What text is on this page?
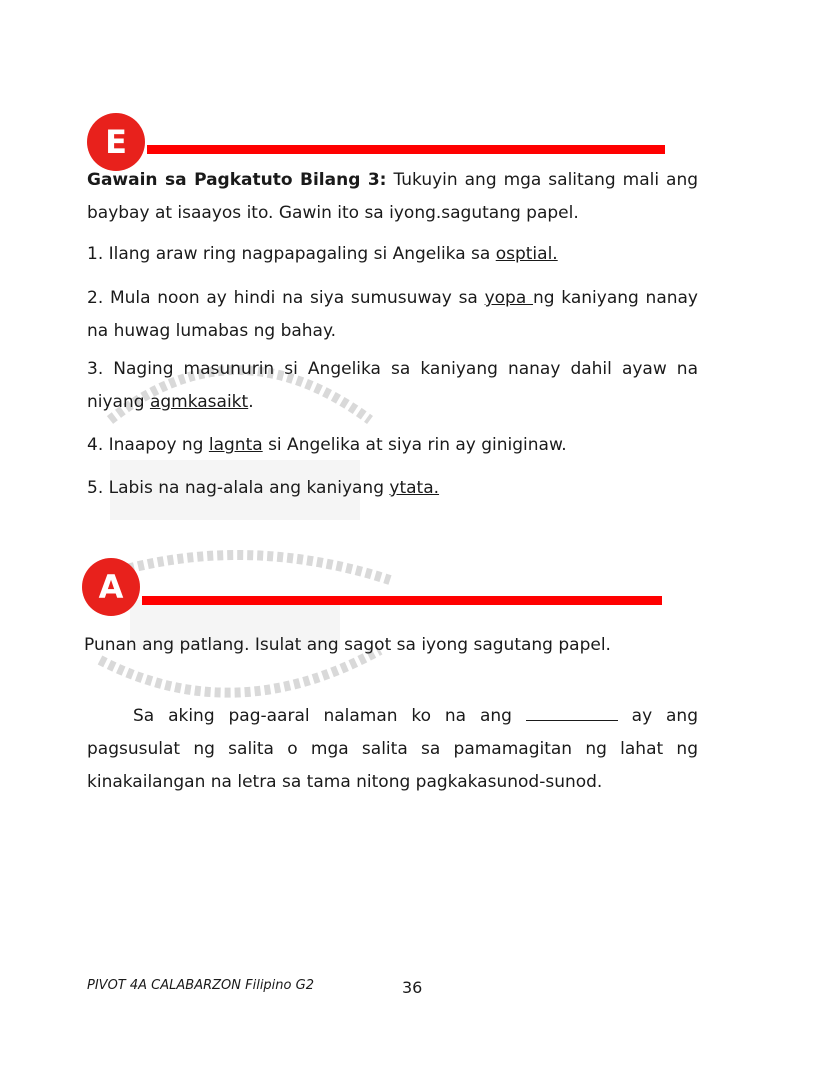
E

Gawain sa Pagkatuto Bilang 3: Tukuyin ang mga salitang mali ang baybay at isaayos ito. Gawin ito sa iyong.sagutang papel.

1. Ilang araw ring nagpapagaling si Angelika sa osptial.

2. Mula noon ay hindi na siya sumusuway sa yopa ng kaniyang nanay na huwag lumabas ng bahay.

3. Naging masunurin si Angelika sa kaniyang nanay dahil ayaw na niyang agmkasaikt.

4. Inaapoy ng lagnta si Angelika at siya rin ay giniginaw.

5. Labis na nag-alala ang kaniyang ytata.

A

Punan ang patlang. Isulat ang sagot sa iyong sagutang papel.

Sa aking pag-aaral nalaman ko na ang	ay ang pagsusulat ng salita o mga salita sa pamamagitan ng lahat ng kinakailangan na letra sa tama nitong pagkakasunod-sunod.

PIVOT 4A CALABARZON Filipino G2	36
